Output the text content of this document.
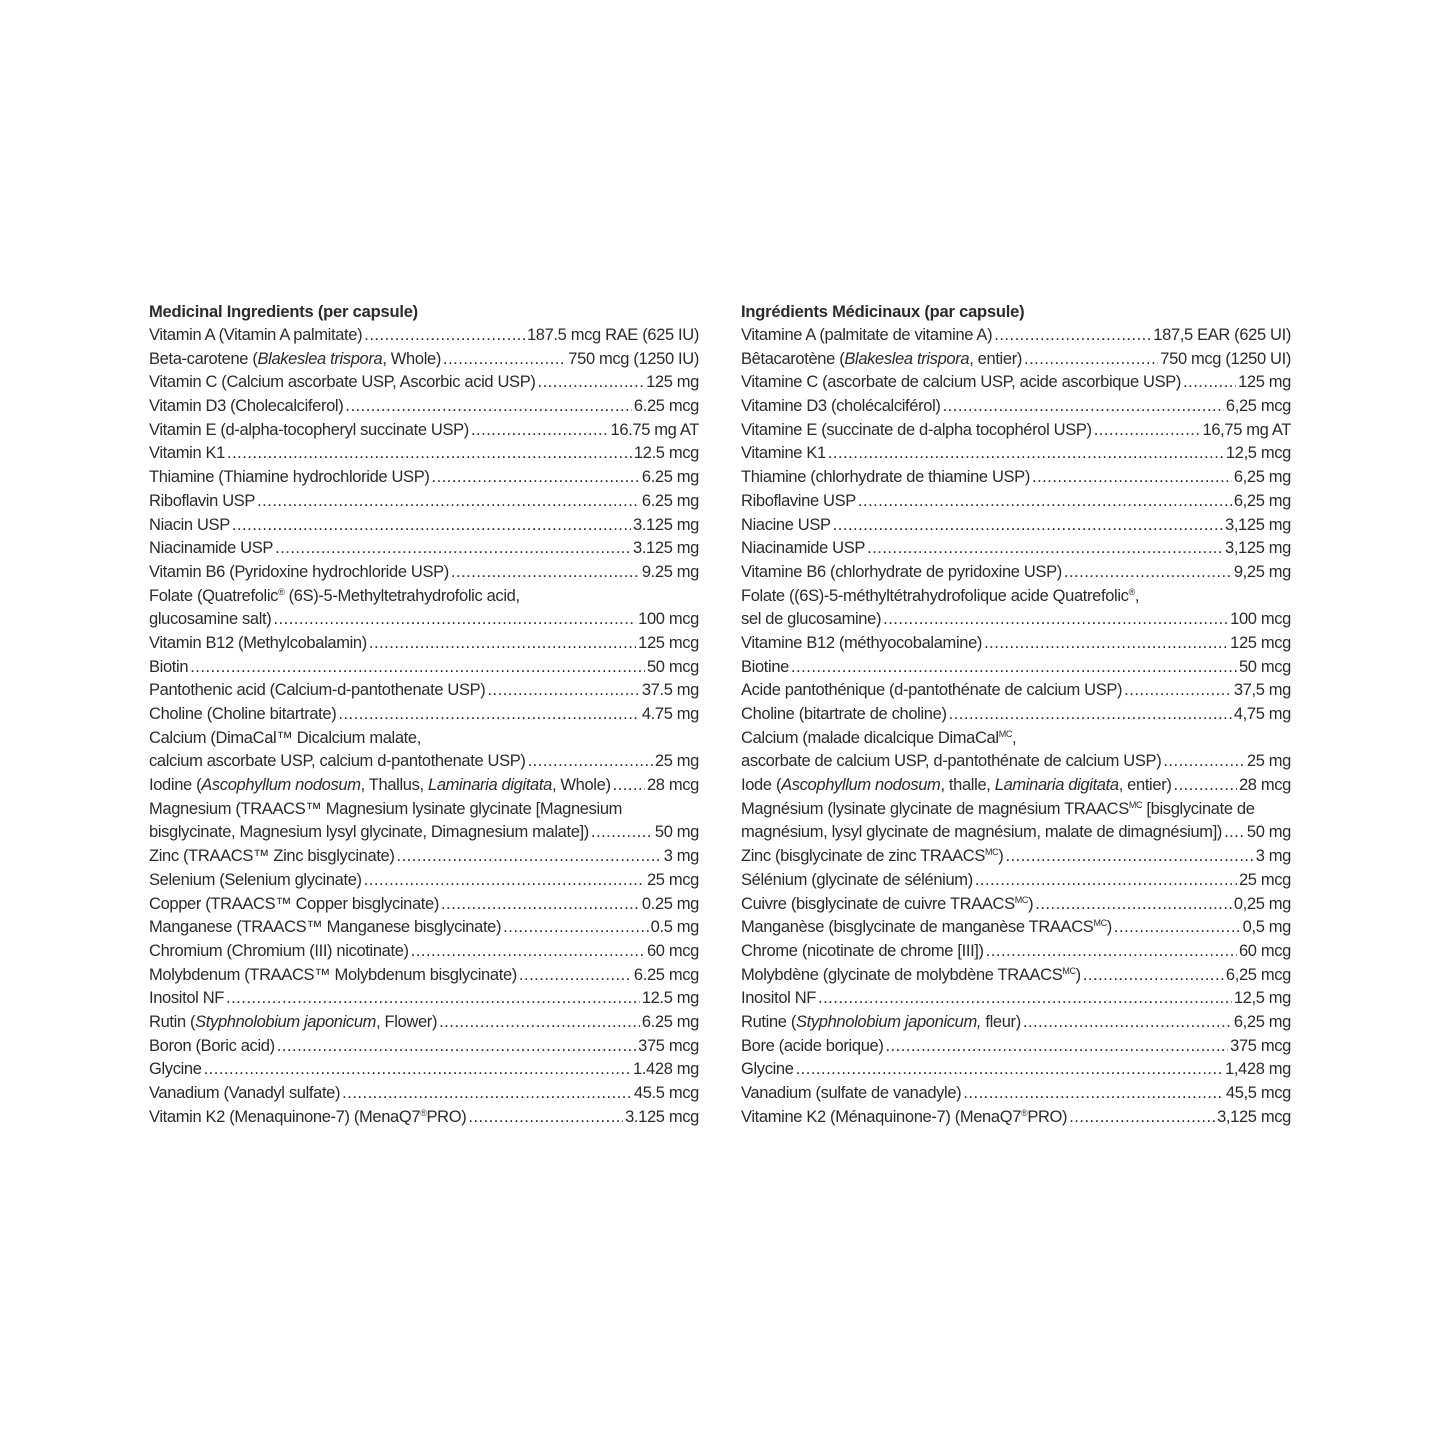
Medicinal Ingredients (per capsule)
Vitamin A (Vitamin A palmitate) .....	187.5 mcg RAE (625 IU)
Beta-carotene (Blakeslea trispora, Whole) .....	750 mcg (1250 IU)
Vitamin C (Calcium ascorbate USP, Ascorbic acid USP) .....	125 mg
Vitamin D3 (Cholecalciferol) .....	6.25 mcg
Vitamin E (d-alpha-tocopheryl succinate USP) .....	16.75 mg AT
Vitamin K1 .....	12.5 mcg
Thiamine (Thiamine hydrochloride USP) .....	6.25 mg
Riboflavin USP .....	6.25 mg
Niacin USP .....	3.125 mg
Niacinamide USP .....	3.125 mg
Vitamin B6 (Pyridoxine hydrochloride USP) .....	9.25 mg
Folate (Quatrefolic® (6S)-5-Methyltetrahydrofolic acid,
glucosamine salt) .....	100 mcg
Vitamin B12 (Methylcobalamin) .....	125 mcg
Biotin .....	50 mcg
Pantothenic acid (Calcium-d-pantothenate USP) .....	37.5 mg
Choline (Choline bitartrate) .....	4.75 mg
Calcium (DimaCal™ Dicalcium malate,
calcium ascorbate USP, calcium d-pantothenate USP) .....	25 mg
Iodine (Ascophyllum nodosum, Thallus, Laminaria digitata, Whole) ..... 28 mcg
Magnesium (TRAACS™ Magnesium lysinate glycinate [Magnesium
bisglycinate, Magnesium lysyl glycinate, Dimagnesium malate]) .....	50 mg
Zinc (TRAACS™ Zinc bisglycinate) .....	3 mg
Selenium (Selenium glycinate) .....	25 mcg
Copper (TRAACS™ Copper bisglycinate) .....	0.25 mg
Manganese (TRAACS™ Manganese bisglycinate) .....	0.5 mg
Chromium (Chromium (III) nicotinate) .....	60 mcg
Molybdenum (TRAACS™ Molybdenum bisglycinate) .....	6.25 mcg
Inositol NF .....	12.5 mg
Rutin (Styphnolobium japonicum, Flower) .....	6.25 mg
Boron (Boric acid) .....	375 mcg
Glycine .....	1.428 mg
Vanadium (Vanadyl sulfate) .....	45.5 mcg
Vitamin K2 (Menaquinone-7) (MenaQ7®PRO) .....	3.125 mcg
Ingrédients Médicinaux (par capsule)
Vitamine A (palmitate de vitamine A) .....	187,5 EAR (625 UI)
Bêtacarotène (Blakeslea trispora, entier) .....	750 mcg (1250 UI)
Vitamine C (ascorbate de calcium USP, acide ascorbique USP) .....	125 mg
Vitamine D3 (cholécalciférol) .....	6,25 mcg
Vitamine E (succinate de d-alpha tocophérol USP) .....	16,75 mg AT
Vitamine K1 .....	12,5 mcg
Thiamine (chlorhydrate de thiamine USP) .....	6,25 mg
Riboflavine USP .....	6,25 mg
Niacine USP .....	3,125 mg
Niacinamide USP .....	3,125 mg
Vitamine B6 (chlorhydrate de pyridoxine USP) .....	9,25 mg
Folate ((6S)-5-méthyltétrahydrofolique acide Quatrefolic®,
sel de glucosamine) .....	100 mcg
Vitamine B12 (méthyocobalamine) .....	125 mcg
Biotine .....	50 mcg
Acide pantothénique (d-pantothénate de calcium USP) .....	37,5 mg
Choline (bitartrate de choline) .....	4,75 mg
Calcium (malade dicalcique DimaCal$^{MC}$,
ascorbate de calcium USP, d-pantothénate de calcium USP) .....	25 mg
Iode (Ascophyllum nodosum, thalle, Laminaria digitata, entier) .....	28 mcg
Magnésium (lysinate glycinate de magnésium $TRAACS^{MC}$ [bisglycinate de
magnésium, lysyl glycinate de magnésium, malate de dimagnésium]) ..... 50 mg
Zinc (bisglycinate de zinc $TRAACS^{MC}$) .....	3 mg
Sélénium (glycinate de sélénium) .....	25 mcg
Cuivre (bisglycinate de cuivre $TRAACS^{MC}$) .....	0,25 mg
Manganèse (bisglycinate de manganèse $TRAACS^{MC}$) .....	0,5 mg
Chrome (nicotinate de chrome [III]) .....	60 mcg
Molybdène (glycinate de molybdène $TRAACS^{MC}$) .....	6,25 mcg
Inositol NF .....	12,5 mg
Rutine (Styphnolobium japonicum, fleur) .....	6,25 mg
Bore (acide borique) .....	375 mcg
Glycine .....	1,428 mg
Vanadium (sulfate de vanadyle) .....	45,5 mcg
Vitamine K2 (Ménaquinone-7) (MenaQ7®PRO) .....	3,125 mcg
